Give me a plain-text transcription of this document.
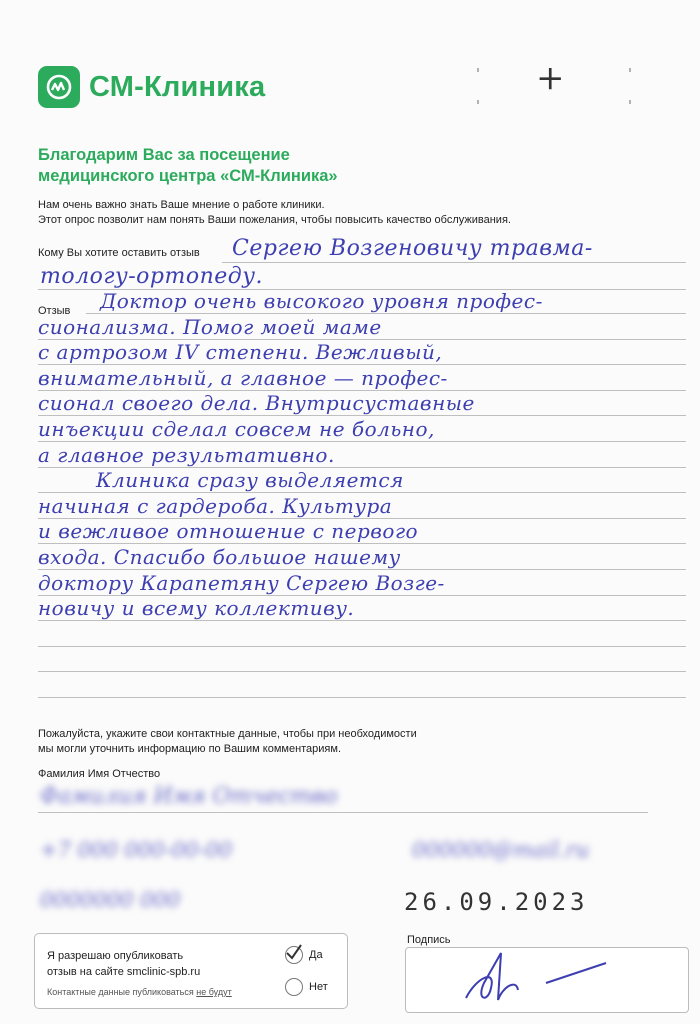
СМ-Клиника	+
Благодарим Вас за посещение
медицинского центра «СМ-Клиника»
Нам очень важно знать Ваше мнение о работе клиники.
Этот опрос позволит нам понять Ваши пожелания, чтобы повысить качество обслуживания.
Кому Вы хотите оставить отзыв Сергею Возгеновичу травма-
тологу-ортопеду.
Отзыв Доктор очень высокого уровня профес-
сионализма. Помог моей маме
с артрозом IV степени. Вежливый,
внимательный, а главное — профес-
сионал своего дела. Внутрисуставные
инъекции сделал совсем не больно,
а главное результативно.
Клиника сразу выделяется
начиная с гардероба. Культура
и вежливое отношение с первого
входа. Спасибо большое нашему
доктору Карапетяну Сергею Возге-
новичу и всему коллективу.
Пожалуйста, укажите свои контактные данные, чтобы при необходимости
мы могли уточнить информацию по Вашим комментариям.
Фамилия Имя Отчество
Фамилия Имя Отчество
+7 000 000-00-00
0000000 000
000000@mail.ru
26.09.2023
Я разрешаю опубликовать
отзыв на сайте smclinic-spb.ru
Контактные данные публиковаться не будут
Да
Нет
Подпись
